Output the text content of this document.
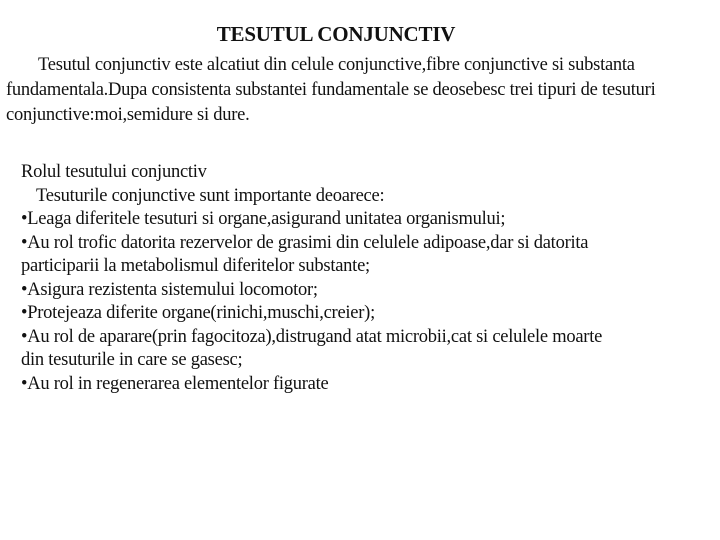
TESUTUL CONJUNCTIV
Tesutul conjunctiv este alcatiut din celule conjunctive,fibre conjunctive si substanta fundamentala.Dupa consistenta substantei fundamentale se deosebesc trei tipuri de tesuturi conjunctive:moi,semidure si dure.
Rolul tesutului conjunctiv
Tesuturile conjunctive sunt importante deoarece:
•Leaga diferitele tesuturi si organe,asigurand unitatea organismului;
•Au rol trofic datorita rezervelor de grasimi din celulele adipoase,dar si datorita
participarii la metabolismul diferitelor substante;
•Asigura rezistenta sistemului locomotor;
•Protejeaza diferite organe(rinichi,muschi,creier);
•Au rol de aparare(prin fagocitoza),distrugand atat microbii,cat si celulele moarte
din tesuturile in care se gasesc;
•Au rol in regenerarea elementelor figurate
